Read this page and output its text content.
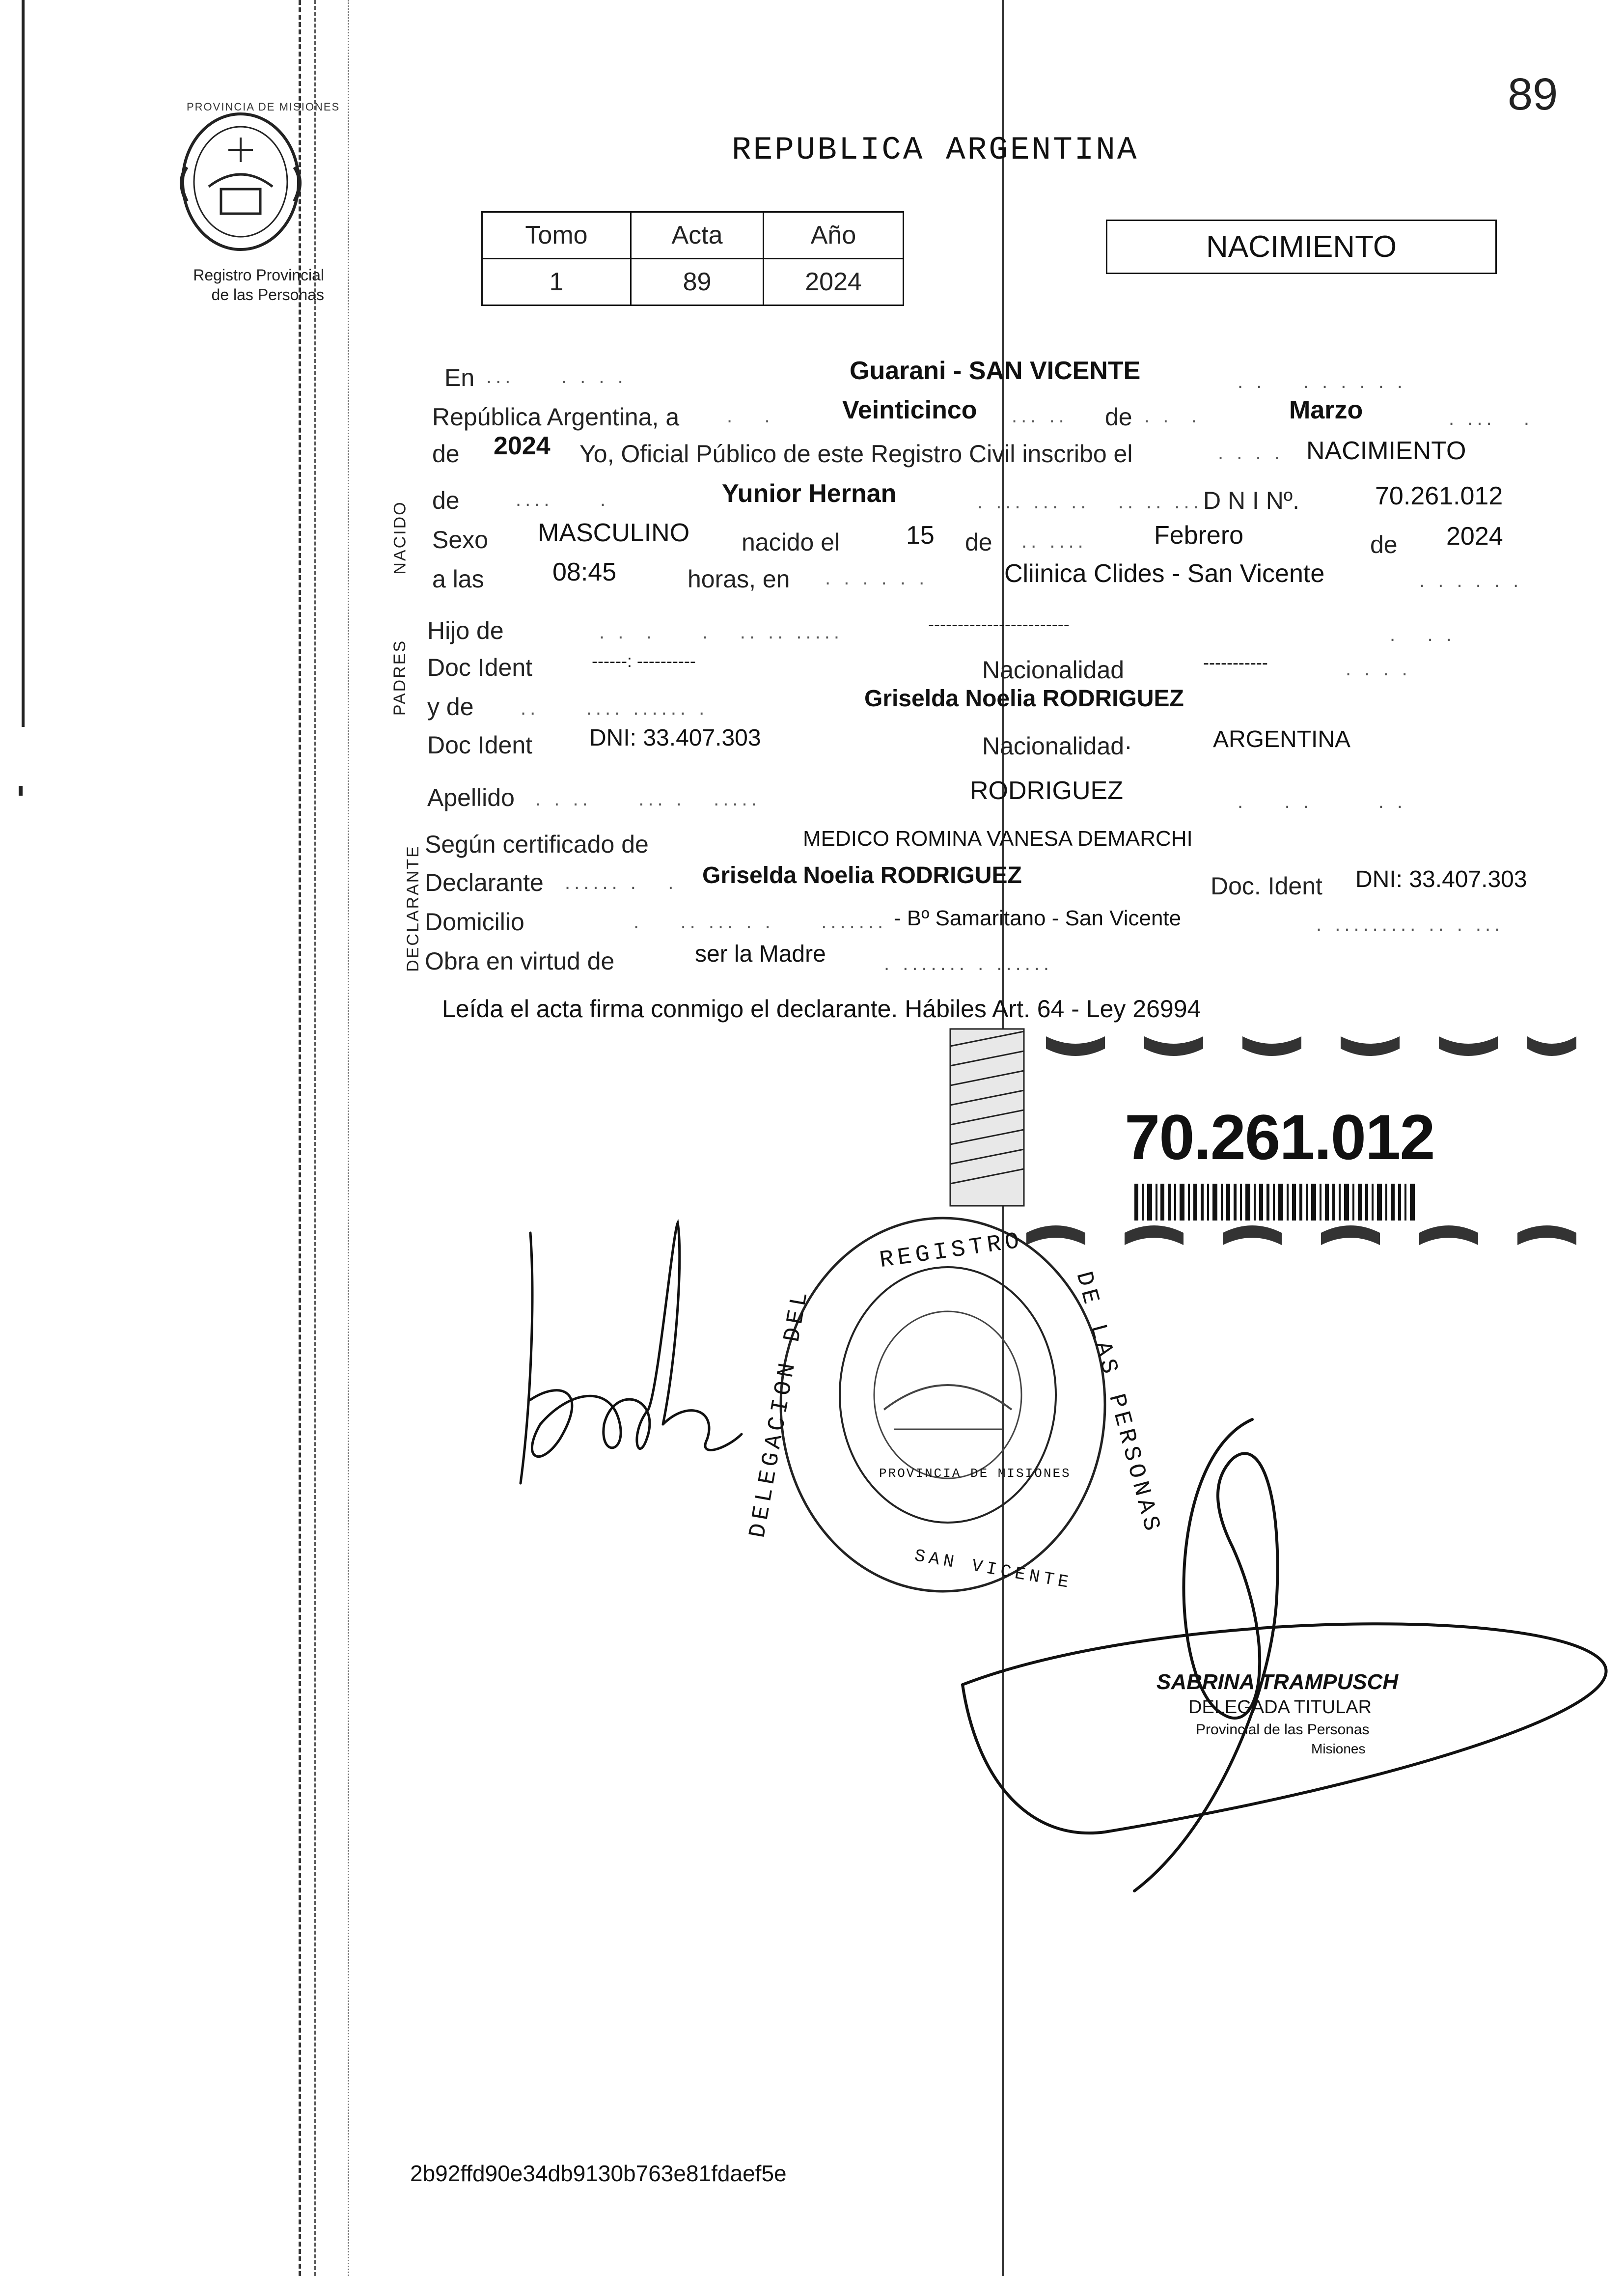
89
PROVINCIA DE MISIONES
Registro Provincial
de las Personas
REPUBLICA ARGENTINA
Tomo	Acta	Año
1	89	2024
NACIMIENTO
NACIDO
PADRES
DECLARANTE
En ...     . . . .	Guarani - SAN VICENTE	. .    . . . . . .
República Argentina, a .   .	Veinticinco ... .. de . .  .	Marzo	. ...   .
de 2024 Yo, Oficial Público de este Registro Civil inscribo el	. . . . NACIMIENTO
de	....     .	Yunior Hernan	. ... ... ..   .. .. ... D N I Nº.	70.261.012
Sexo MASCULINO nacido el	15 de .. ....	Febrero	de 2024
a las	08:45	horas, en . . . . . .	Cliinica Clides - San Vicente	. . . . . .
Hijo de	. .  .     .   .. .. .....	------------------------	.   . .
Doc Ident	------: ----------	Nacionalidad	-----------	. . . .
y de ..     .... ...... .	Griselda Noelia RODRIGUEZ
Doc Ident DNI: 33.407.303	Nacionalidad·	ARGENTINA
Apellido . . ..     ... .   .....	RODRIGUEZ	.    . .       . .
Según certificado de	MEDICO ROMINA VANESA DEMARCHI
Declarante ...... .   . Griselda Noelia RODRIGUEZ	Doc. Ident DNI: 33.407.303
Domicilio	.    .. ... . .     ....... - Bº Samaritano - San Vicente	. ......... .. . ...
Obra en virtud de	ser la Madre	. ....... . ......
Leída el acta firma conmigo el declarante. Hábiles Art. 64 - Ley 26994
70.261.012
REGISTRO
DELEGACION DEL	DE LAS PERSONAS
SAN VICENTE
PROVINCIA DE MISIONES
SABRINA TRAMPUSCH
DELEGADA TITULAR
Provincial de las Personas
Misiones
2b92ffd90e34db9130b763e81fdaef5e
